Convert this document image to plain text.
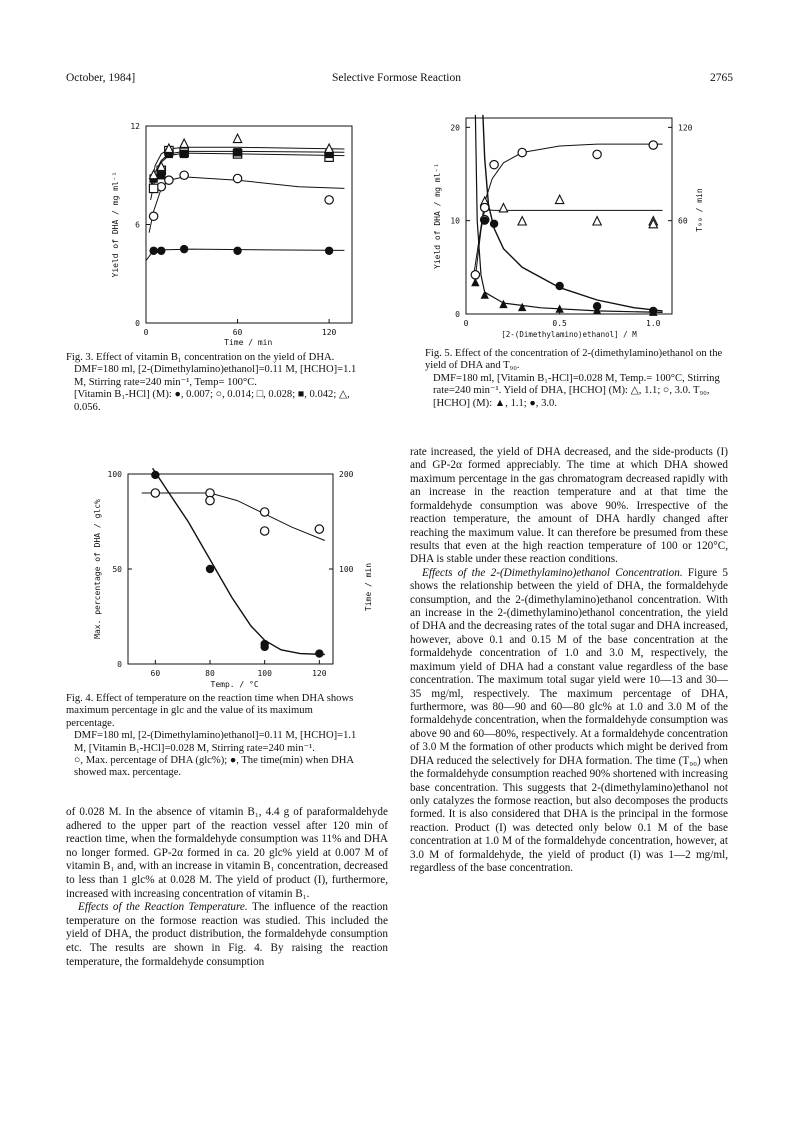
October, 1984]	Selective Formose Reaction	2765
0	60	120
0
6
12
Time / min
Yield of DHA / mg ml⁻¹

Fig. 3. Effect of vitamin B₁ concentration on the yield of DHA.

DMF=180 ml, [2-(Dimethylamino)ethanol]=0.11 M, [HCHO]=1.1 M, Stirring rate=240 min⁻¹, Temp= 100°C.

[Vitamin B₁-HCl] (M): ●, 0.007; ○, 0.014; □, 0.028; ■, 0.042; △, 0.056.

60	80	100	120
0
50
100
100
200
Temp. / °C
Max. percentage of DHA / glc%	Time / min

Fig. 4. Effect of temperature on the reaction time when DHA shows maximum percentage in glc and the value of its maximum percentage.

DMF=180 ml, [2-(Dimethylamino)ethanol]=0.11 M, [HCHO]=1.1 M, [Vitamin B₁-HCl]=0.028 M, Stirring rate=240 min⁻¹.

○, Max. percentage of DHA (glc%); ●, The time(min) when DHA showed max. percentage.

0	0.5	1.0
0
10
20
60
120
[2-(Dimethylamino)ethanol] / M
Yield of DHA / mg ml⁻¹	T₉₀ / min

Fig. 5. Effect of the concentration of 2-(dimethylamino)ethanol on the yield of DHA and T₉₀.

DMF=180 ml, [Vitamin B₁-HCl]=0.028 M, Temp.= 100°C, Stirring rate=240 min⁻¹. Yield of DHA, [HCHO] (M): △, 1.1; ○, 3.0. T₉₀, [HCHO] (M): ▲, 1.1; ●, 3.0.

of 0.028 M. In the absence of vitamin B₁, 4.4 g of paraformaldehyde adhered to the upper part of the reaction vessel after 120 min of reaction time, when the formaldehyde consumption was 11% and DHA no longer formed. GP-2α formed in ca. 20 glc% yield at 0.007 M of vitamin B₁ and, with an increase in vitamin B₁ concentration, decreased to less than 1 glc% at 0.028 M. The yield of product (I), furthermore, increased with increasing concentration of vitamin B₁.

Effects of the Reaction Temperature. The influence of the reaction temperature on the formose reaction was studied. This included the yield of DHA, the product distribution, the formaldehyde consumption etc. The results are shown in Fig. 4. By raising the reaction temperature, the formaldehyde consumption

rate increased, the yield of DHA decreased, and the side-products (I) and GP-2α formed appreciably. The time at which DHA showed maximum percentage in the gas chromatogram decreased rapidly with an increase in the reaction temperature and at that time the formaldehyde consumption was above 90%. Irrespective of the reaction temperature, the amount of DHA hardly changed after reaching the maximum value. It can therefore be presumed from these results that even at the high reaction temperature of 100 or 120°C, DHA is stable under these reaction conditions.

Effects of the 2-(Dimethylamino)ethanol Concentration. Figure 5 shows the relationship between the yield of DHA, the formaldehyde consumption, and the 2-(dimethylamino)ethanol concentration. With an increase in the 2-(dimethylamino)ethanol concentration, the yield of DHA and the decreasing rates of the total sugar and DHA increased, however, above 0.1 and 0.15 M of the base concentration at the formaldehyde concentration of 1.0 and 3.0 M, respectively, the maximum yield of DHA had a constant value regardless of the base concentration. The maximum total sugar yield were 10—13 and 30—35 mg/ml, respectively. The maximum percentage of DHA, furthermore, was 80—90 and 60—80 glc% at 1.0 and 3.0 M of the formaldehyde concentration, when the formaldehyde consumption was above 90 and 60—80%, respectively. At a formaldehyde concentration of 3.0 M the formation of other products which might be derived from DHA reduced the selectively for DHA formation. The time (T₉₀) when the formaldehyde consumption reached 90% shortened with increasing base concentration. This suggests that 2-(dimethylamino)ethanol not only catalyzes the formose reaction, but also decomposes the products formed. It is also considered that DHA is the principal in the formose reaction. Product (I) was detected only below 0.1 M of the base concentration at 1.0 M of the formaldehyde concentration, however, at 3.0 M of formaldehyde, the yield of product (I) was 1—2 mg/ml, regardless of the base concentration.
